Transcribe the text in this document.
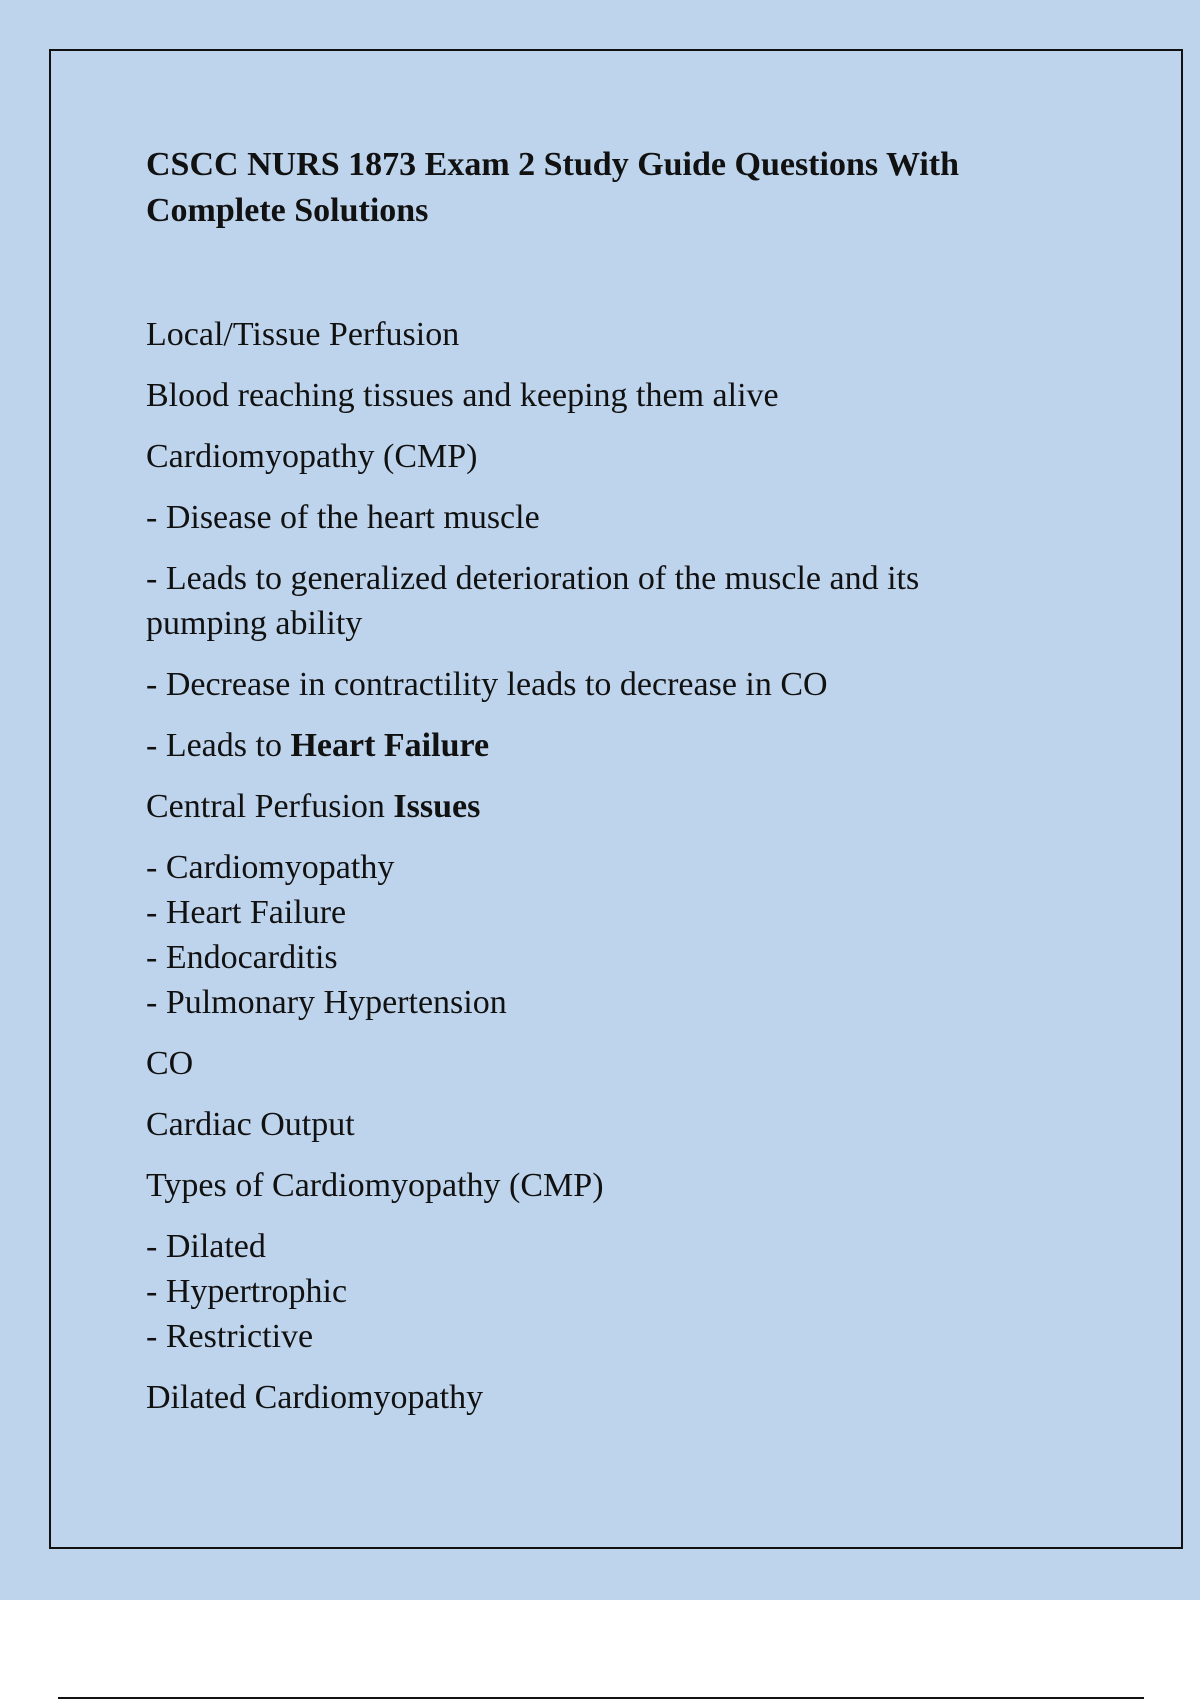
CSCC NURS 1873 Exam 2 Study Guide Questions With Complete Solutions

Local/Tissue Perfusion

Blood reaching tissues and keeping them alive

Cardiomyopathy (CMP)

- Disease of the heart muscle

- Leads to generalized deterioration of the muscle and its pumping ability

- Decrease in contractility leads to decrease in CO

- Leads to Heart Failure

Central Perfusion Issues

- Cardiomyopathy
- Heart Failure
- Endocarditis
- Pulmonary Hypertension

CO

Cardiac Output

Types of Cardiomyopathy (CMP)

- Dilated
- Hypertrophic
- Restrictive

Dilated Cardiomyopathy
